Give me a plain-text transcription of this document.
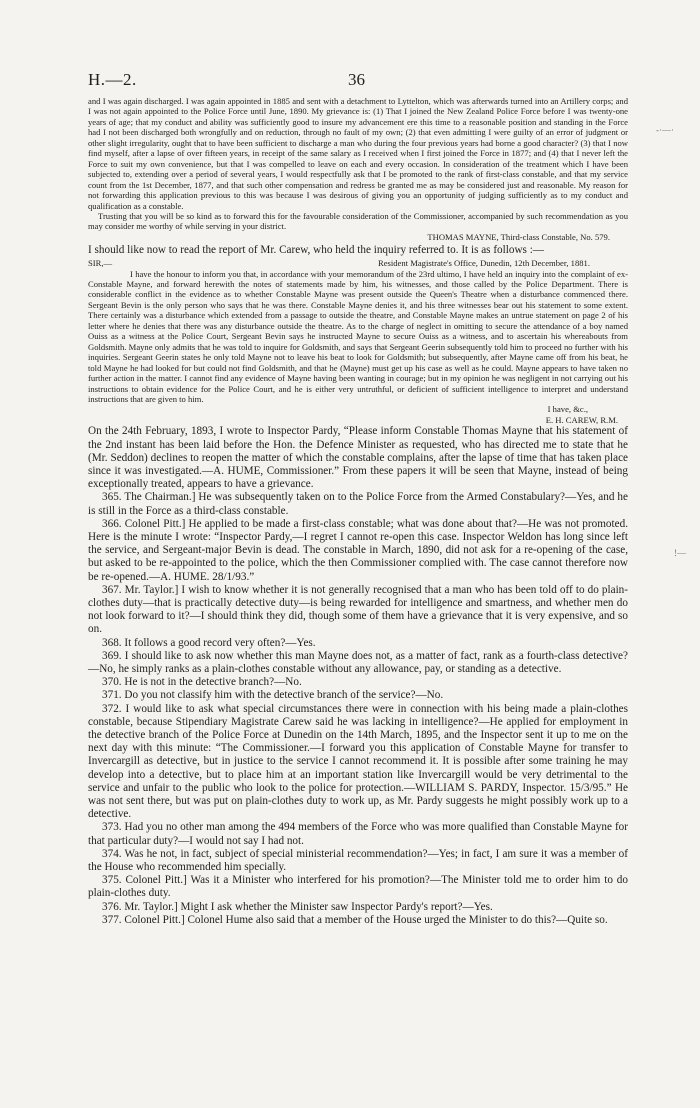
-·—·
!—
H.—2.	36

and I was again discharged. I was again appointed in 1885 and sent with a detachment to Lyttelton, which was afterwards turned into an Artillery corps; and I was not again appointed to the Police Force until June, 1890. My grievance is: (1) That I joined the New Zealand Police Force before I was twenty-one years of age; that my conduct and ability was sufficiently good to insure my advancement ere this time to a reasonable position and standing in the Force had I not been discharged both wrongfully and on reduction, through no fault of my own; (2) that even admitting I were guilty of an error of judgment or other slight irregularity, ought that to have been sufficient to discharge a man who during the four previous years had borne a good character? (3) that I now find myself, after a lapse of over fifteen years, in receipt of the same salary as I received when I first joined the Force in 1877; and (4) that I never left the Force to suit my own convenience, but that I was compelled to leave on each and every occasion. In consideration of the treatment which I have been subjected to, extending over a period of several years, I would respectfully ask that I be promoted to the rank of first-class constable, and that my service count from the 1st December, 1877, and that such other compensation and redress be granted me as may be considered just and reasonable. My reason for not forwarding this application previous to this was because I was desirous of giving you an opportunity of judging sufficiently as to my conduct and qualification as a constable.

Trusting that you will be so kind as to forward this for the favourable consideration of the Commissioner, accompanied by such recommendation as you may consider me worthy of while serving in your district.

THOMAS MAYNE, Third-class Constable, No. 579.

I should like now to read the report of Mr. Carew, who held the inquiry referred to. It is as follows :—

SIR,—	Resident Magistrate's Office, Dunedin, 12th December, 1881.

I have the honour to inform you that, in accordance with your memorandum of the 23rd ultimo, I have held an inquiry into the complaint of ex-Constable Mayne, and forward herewith the notes of statements made by him, his witnesses, and those called by the Police Department. There is considerable conflict in the evidence as to whether Constable Mayne was present outside the Queen's Theatre when a disturbance commenced there. Sergeant Bevin is the only person who says that he was there. Constable Mayne denies it, and his three witnesses bear out his statement to some extent. There certainly was a disturbance which extended from a passage to outside the theatre, and Constable Mayne makes an untrue statement on page 2 of his letter where he denies that there was any disturbance outside the theatre. As to the charge of neglect in omitting to secure the attendance of a boy named Ouiss as a witness at the Police Court, Sergeant Bevin says he instructed Mayne to secure Ouiss as a witness, and to ascertain his whereabouts from Goldsmith. Mayne only admits that he was told to inquire for Goldsmith, and says that Sergeant Geerin subsequently told him to proceed no further with his inquiries. Sergeant Geerin states he only told Mayne not to leave his beat to look for Goldsmith; but subsequently, after Mayne came off from his beat, he told Mayne he had looked for but could not find Goldsmith, and that he (Mayne) must get up his case as well as he could. Mayne appears to have taken no further action in the matter. I cannot find any evidence of Mayne having been wanting in courage; but in my opinion he was negligent in not carrying out his instructions to obtain evidence for the Police Court, and he is either very untruthful, or deficient of sufficient intelligence to interpret and understand instructions that are given to him.

I have, &c.,

E. H. CAREW, R.M.

On the 24th February, 1893, I wrote to Inspector Pardy, “Please inform Constable Thomas Mayne that his statement of the 2nd instant has been laid before the Hon. the Defence Minister as requested, who has directed me to state that he (Mr. Seddon) declines to reopen the matter of which the constable complains, after the lapse of time that has taken place since it was investigated.—A. HUME, Commissioner.” From these papers it will be seen that Mayne, instead of being exceptionally treated, appears to have a grievance.

365. The Chairman.] He was subsequently taken on to the Police Force from the Armed Constabulary?—Yes, and he is still in the Force as a third-class constable.

366. Colonel Pitt.] He applied to be made a first-class constable; what was done about that?—He was not promoted. Here is the minute I wrote: “Inspector Pardy,—I regret I cannot re-open this case. Inspector Weldon has long since left the service, and Sergeant-major Bevin is dead. The constable in March, 1890, did not ask for a re-opening of the case, but asked to be re-appointed to the police, which the then Commissioner complied with. The case cannot therefore now be re-opened.—A. HUME. 28/1/93.”

367. Mr. Taylor.] I wish to know whether it is not generally recognised that a man who has been told off to do plain-clothes duty—that is practically detective duty—is being rewarded for intelligence and smartness, and whether men do not look forward to it?—I should think they did, though some of them have a grievance that it is very expensive, and so on.

368. It follows a good record very often?—Yes.

369. I should like to ask now whether this man Mayne does not, as a matter of fact, rank as a fourth-class detective?—No, he simply ranks as a plain-clothes constable without any allowance, pay, or standing as a detective.

370. He is not in the detective branch?—No.

371. Do you not classify him with the detective branch of the service?—No.

372. I would like to ask what special circumstances there were in connection with his being made a plain-clothes constable, because Stipendiary Magistrate Carew said he was lacking in intelligence?—He applied for employment in the detective branch of the Police Force at Dunedin on the 14th March, 1895, and the Inspector sent it up to me on the next day with this minute: “The Commissioner.—I forward you this application of Constable Mayne for transfer to Invercargill as detective, but in justice to the service I cannot recommend it. It is possible after some training he may develop into a detective, but to place him at an important station like Invercargill would be very detrimental to the service and unfair to the public who look to the police for protection.—WILLIAM S. PARDY, Inspector. 15/3/95.” He was not sent there, but was put on plain-clothes duty to work up, as Mr. Pardy suggests he might possibly work up to a detective.

373. Had you no other man among the 494 members of the Force who was more qualified than Constable Mayne for that particular duty?—I would not say I had not.

374. Was he not, in fact, subject of special ministerial recommendation?—Yes; in fact, I am sure it was a member of the House who recommended him specially.

375. Colonel Pitt.] Was it a Minister who interfered for his promotion?—The Minister told me to order him to do plain-clothes duty.

376. Mr. Taylor.] Might I ask whether the Minister saw Inspector Pardy's report?—Yes.

377. Colonel Pitt.] Colonel Hume also said that a member of the House urged the Minister to do this?—Quite so.
